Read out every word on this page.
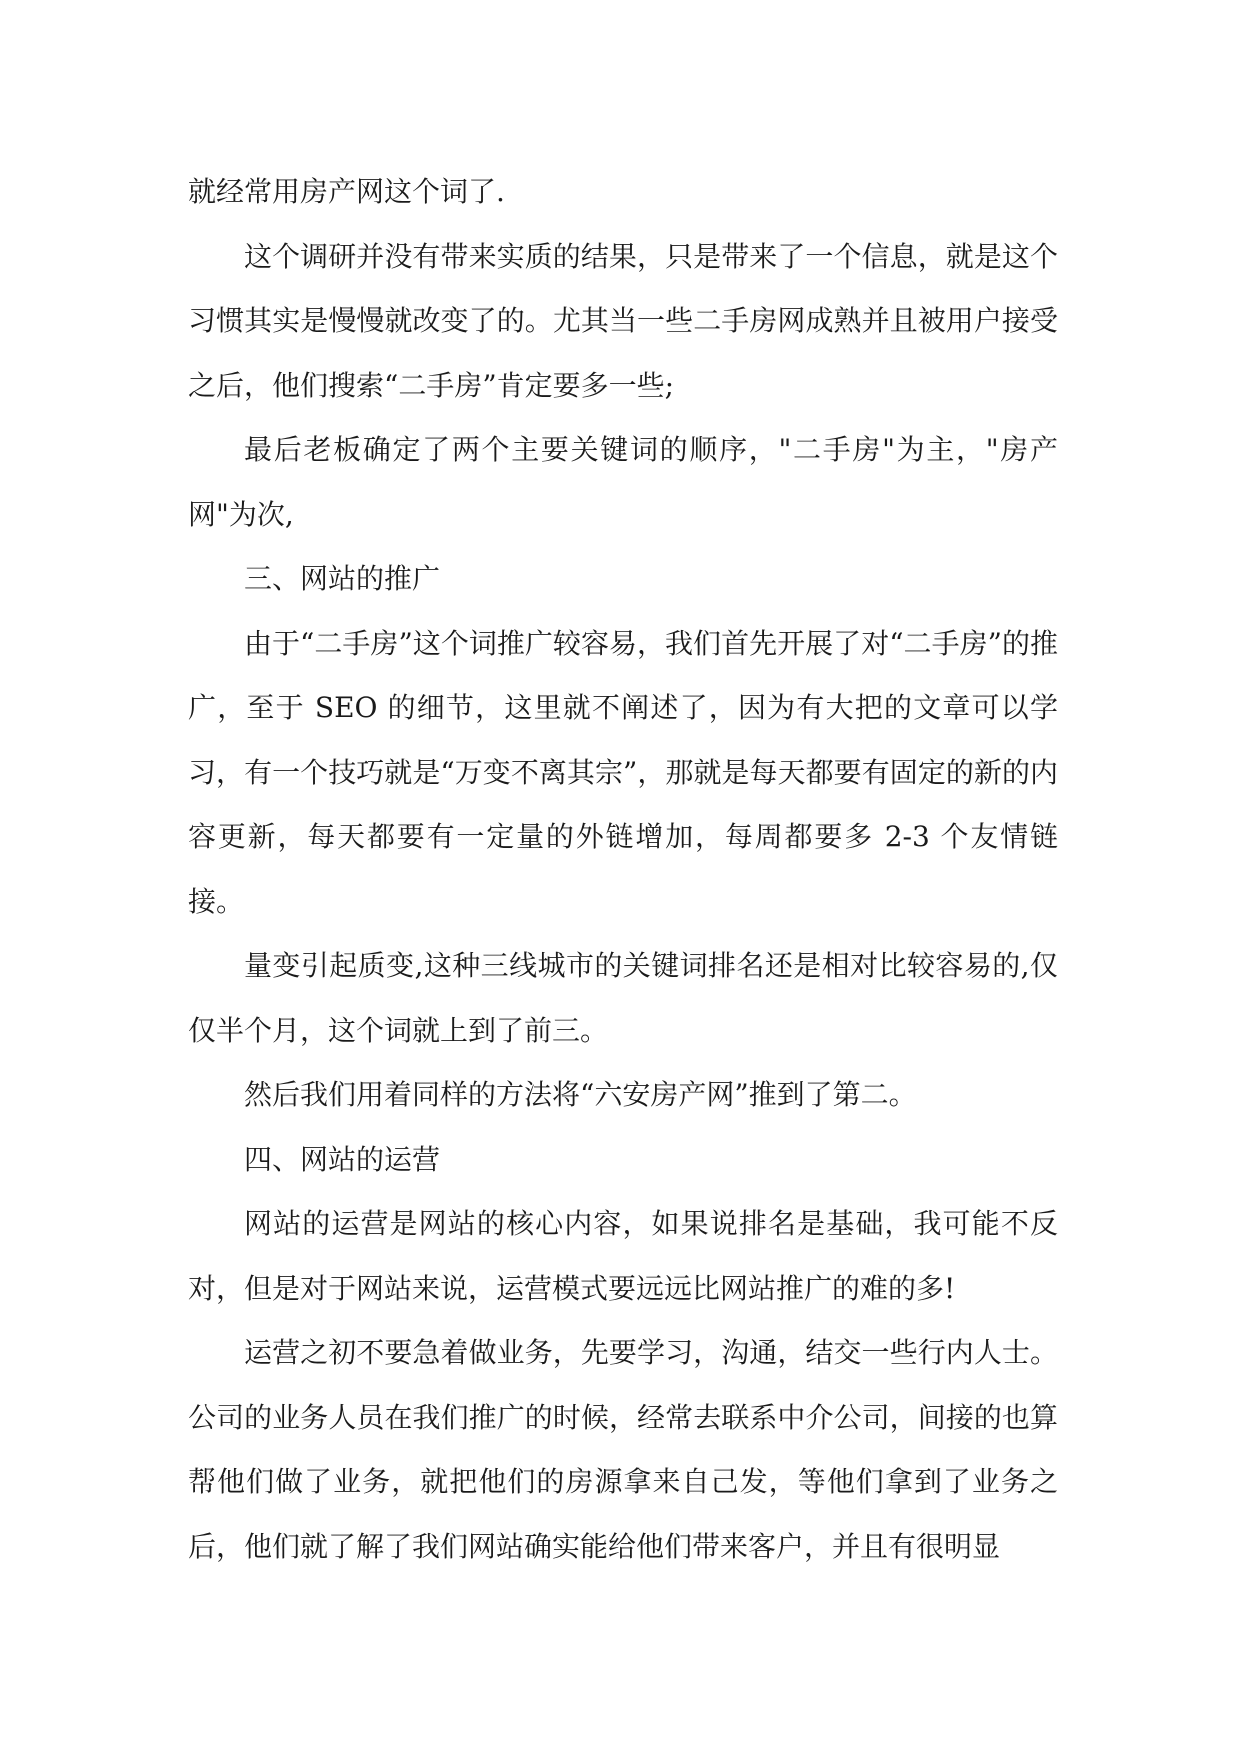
就经常用房产网这个词了.

这个调研并没有带来实质的结果，只是带来了一个信息，就是这个习惯其实是慢慢就改变了的。尤其当一些二手房网成熟并且被用户接受之后，他们搜索“二手房”肯定要多一些;

最后老板确定了两个主要关键词的顺序，"二手房"为主，"房产网"为次,

三、网站的推广

由于“二手房”这个词推广较容易，我们首先开展了对“二手房”的推广，至于 SEO 的细节，这里就不阐述了，因为有大把的文章可以学习，有一个技巧就是“万变不离其宗”，那就是每天都要有固定的新的内容更新，每天都要有一定量的外链增加，每周都要多 2-3 个友情链接。

量变引起质变,这种三线城市的关键词排名还是相对比较容易的,仅仅半个月，这个词就上到了前三。

然后我们用着同样的方法将“六安房产网”推到了第二。

四、网站的运营

网站的运营是网站的核心内容，如果说排名是基础，我可能不反对，但是对于网站来说，运营模式要远远比网站推广的难的多!

运营之初不要急着做业务，先要学习，沟通，结交一些行内人士。公司的业务人员在我们推广的时候，经常去联系中介公司，间接的也算帮他们做了业务，就把他们的房源拿来自己发，等他们拿到了业务之后，他们就了解了我们网站确实能给他们带来客户，并且有很明显
